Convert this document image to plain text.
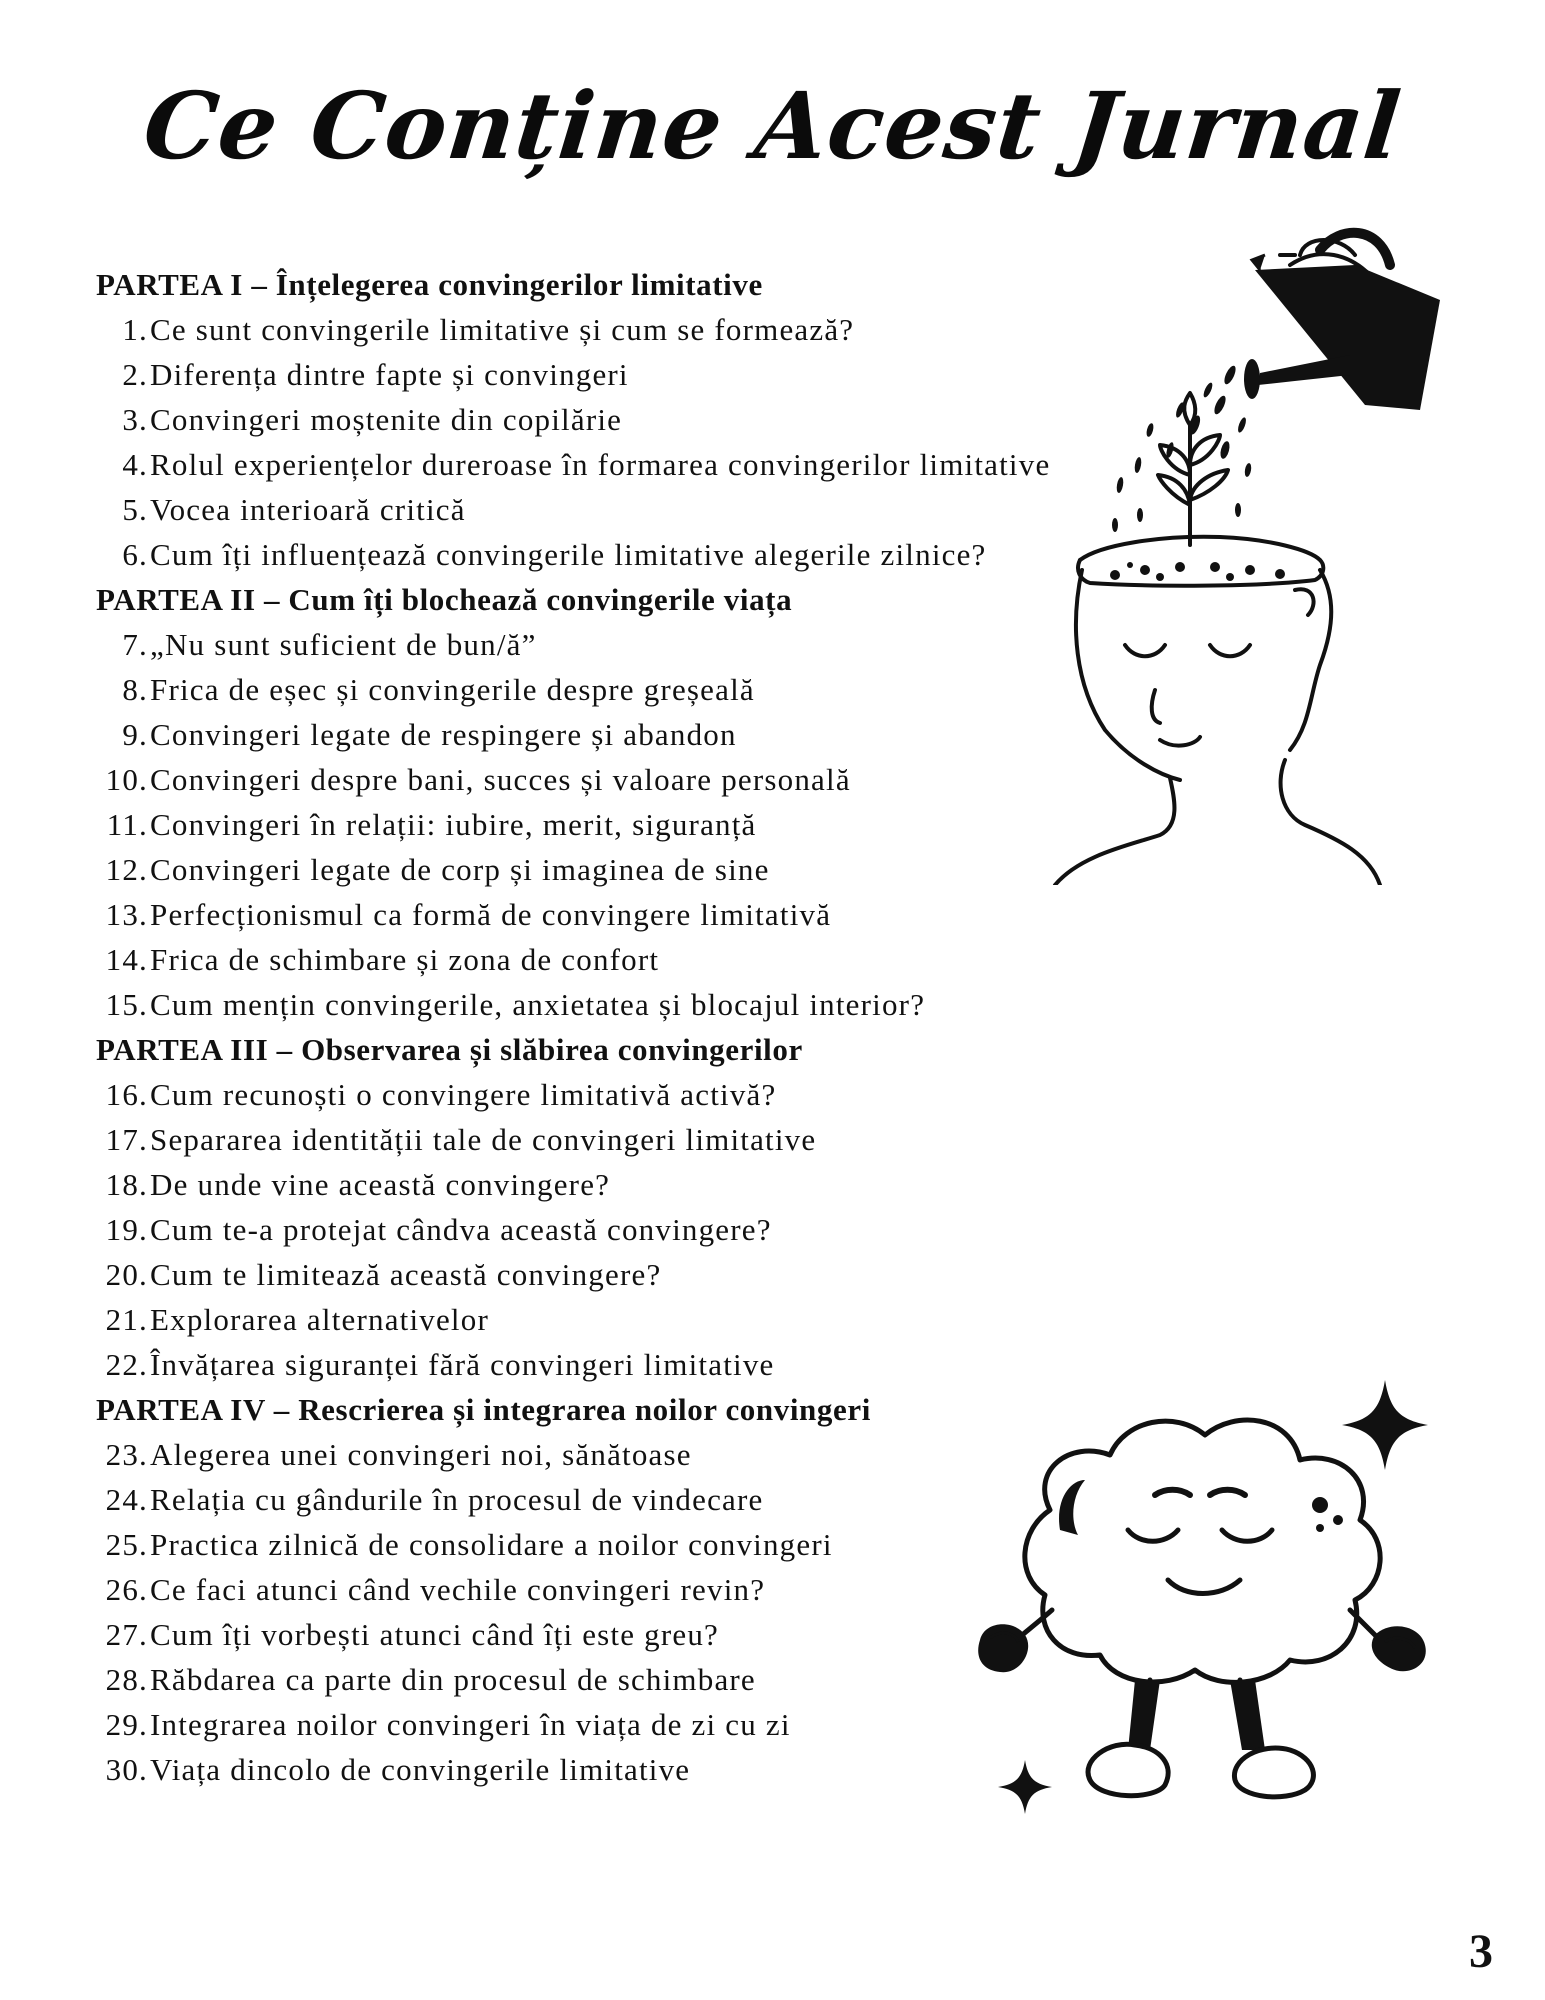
Ce Conține Acest Jurnal
PARTEA I – Înțelegerea convingerilor limitative
1. Ce sunt convingerile limitative și cum se formează?
2. Diferența dintre fapte și convingeri
3. Convingeri moștenite din copilărie
4. Rolul experiențelor dureroase în formarea convingerilor limitative
5. Vocea interioară critică
6. Cum îți influențează convingerile limitative alegerile zilnice?
PARTEA II – Cum îți blochează convingerile viața
7. „Nu sunt suficient de bun/ă”
8. Frica de eșec și convingerile despre greșeală
9. Convingeri legate de respingere și abandon
10. Convingeri despre bani, succes și valoare personală
11. Convingeri în relații: iubire, merit, siguranță
12. Convingeri legate de corp și imaginea de sine
13. Perfecționismul ca formă de convingere limitativă
14. Frica de schimbare și zona de confort
15. Cum mențin convingerile, anxietatea și blocajul interior?
PARTEA III – Observarea și slăbirea convingerilor
16. Cum recunoști o convingere limitativă activă?
17. Separarea identității tale de convingeri limitative
18. De unde vine această convingere?
19. Cum te-a protejat cândva această convingere?
20. Cum te limitează această convingere?
21. Explorarea alternativelor
22. Învățarea siguranței fără convingeri limitative
PARTEA IV – Rescrierea și integrarea noilor convingeri
23. Alegerea unei convingeri noi, sănătoase
24. Relația cu gândurile în procesul de vindecare
25. Practica zilnică de consolidare a noilor convingeri
26. Ce faci atunci când vechile convingeri revin?
27. Cum îți vorbești atunci când îți este greu?
28. Răbdarea ca parte din procesul de schimbare
29. Integrarea noilor convingeri în viața de zi cu zi
30. Viața dincolo de convingerile limitative
3
